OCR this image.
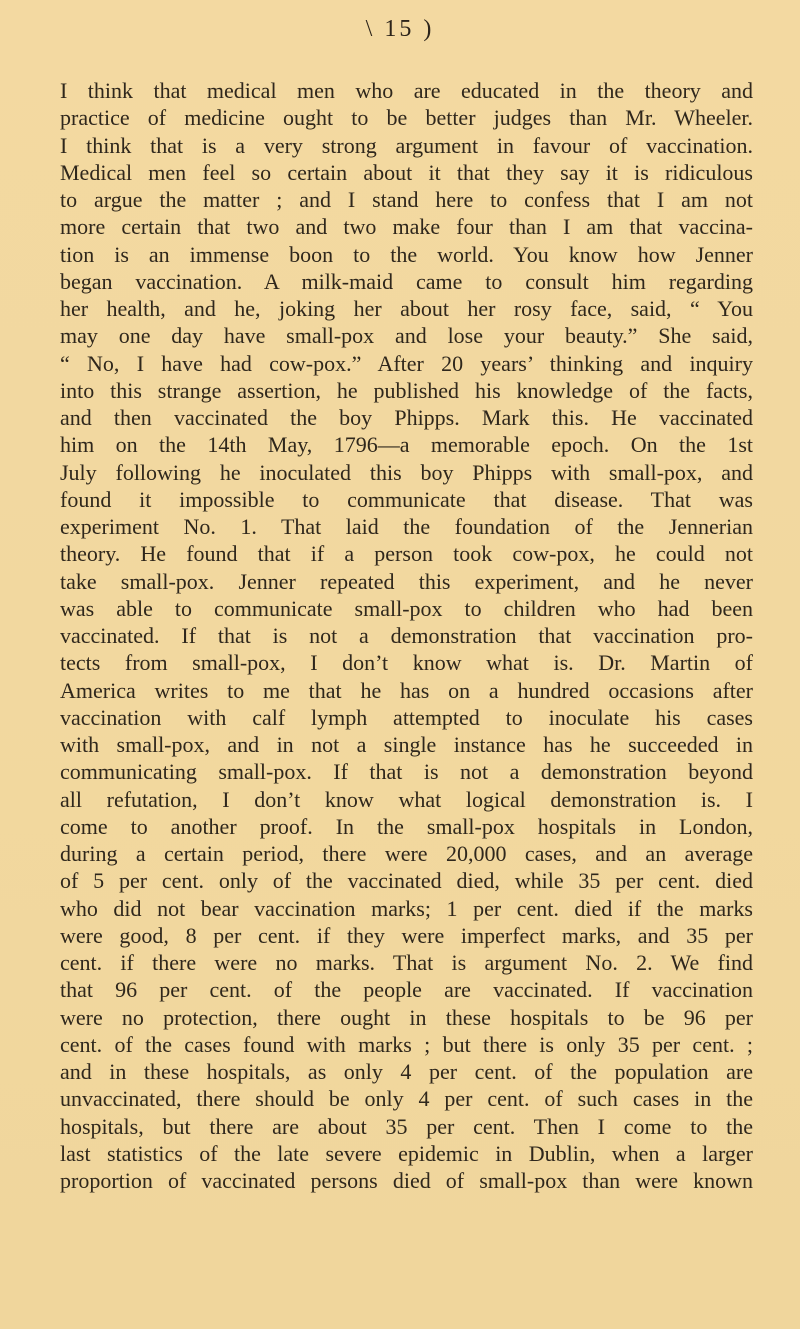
\ 15 )
I think that medical men who are educated in the theory and
practice of medicine ought to be better judges than Mr. Wheeler.
I think that is a very strong argument in favour of vaccination.
Medical men feel so certain about it that they say it is ridiculous
to argue the matter ; and I stand here to confess that I am not
more certain that two and two make four than I am that vaccina-
tion is an immense boon to the world. You know how Jenner
began vaccination. A milk-maid came to consult him regarding
her health, and he, joking her about her rosy face, said, “ You
may one day have small-pox and lose your beauty.” She said,
“ No, I have had cow-pox.” After 20 years’ thinking and inquiry
into this strange assertion, he published his knowledge of the facts,
and then vaccinated the boy Phipps. Mark this. He vaccinated
him on the 14th May, 1796—a memorable epoch. On the 1st
July following he inoculated this boy Phipps with small-pox, and
found it impossible to communicate that disease. That was
experiment No. 1. That laid the foundation of the Jennerian
theory. He found that if a person took cow-pox, he could not
take small-pox. Jenner repeated this experiment, and he never
was able to communicate small-pox to children who had been
vaccinated. If that is not a demonstration that vaccination pro-
tects from small-pox, I don’t know what is. Dr. Martin of
America writes to me that he has on a hundred occasions after
vaccination with calf lymph attempted to inoculate his cases
with small-pox, and in not a single instance has he succeeded in
communicating small-pox. If that is not a demonstration beyond
all refutation, I don’t know what logical demonstration is. I
come to another proof. In the small-pox hospitals in London,
during a certain period, there were 20,000 cases, and an average
of 5 per cent. only of the vaccinated died, while 35 per cent. died
who did not bear vaccination marks; 1 per cent. died if the marks
were good, 8 per cent. if they were imperfect marks, and 35 per
cent. if there were no marks. That is argument No. 2. We find
that 96 per cent. of the people are vaccinated. If vaccination
were no protection, there ought in these hospitals to be 96 per
cent. of the cases found with marks ; but there is only 35 per cent. ;
and in these hospitals, as only 4 per cent. of the population are
unvaccinated, there should be only 4 per cent. of such cases in the
hospitals, but there are about 35 per cent. Then I come to the
last statistics of the late severe epidemic in Dublin, when a larger
proportion of vaccinated persons died of small-pox than were known
